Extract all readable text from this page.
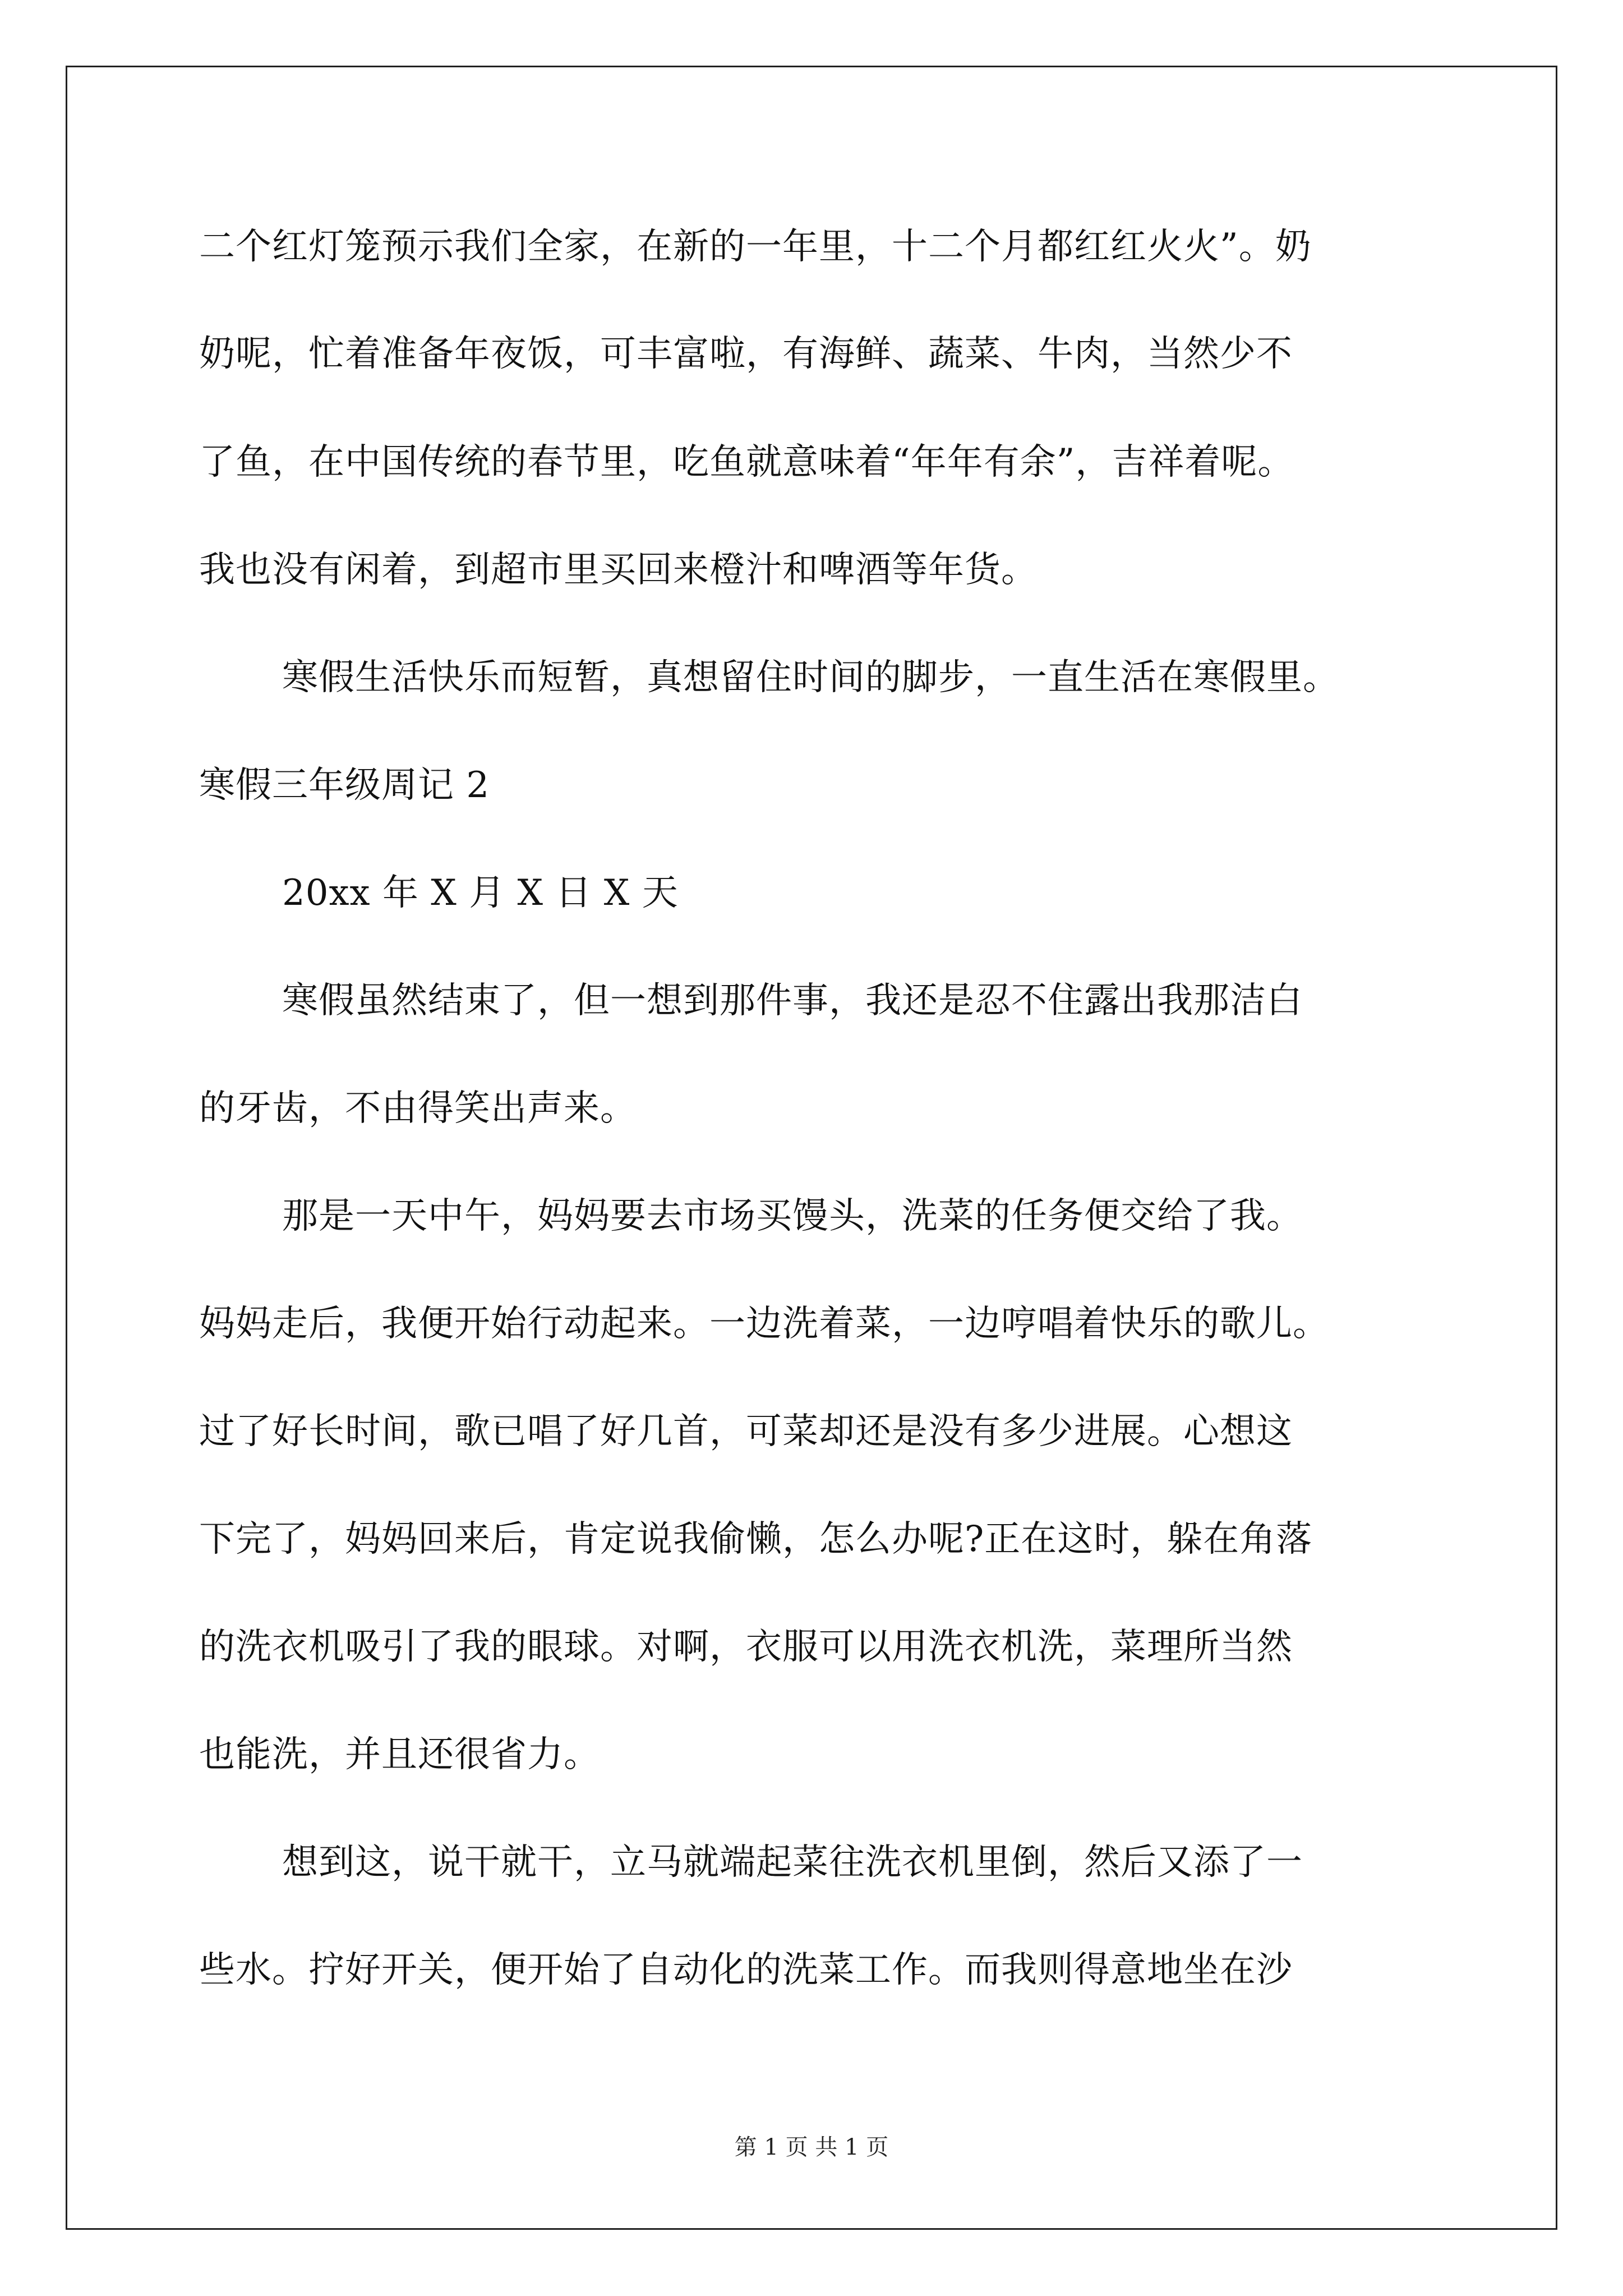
二个红灯笼预示我们全家，在新的一年里，十二个月都红红火火”。奶
奶呢，忙着准备年夜饭，可丰富啦，有海鲜、蔬菜、牛肉，当然少不
了鱼，在中国传统的春节里，吃鱼就意味着“年年有余”，吉祥着呢。
我也没有闲着，到超市里买回来橙汁和啤酒等年货。
寒假生活快乐而短暂，真想留住时间的脚步，一直生活在寒假里。
寒假三年级周记 2
20xx 年 X 月 X 日 X 天
寒假虽然结束了，但一想到那件事，我还是忍不住露出我那洁白
的牙齿，不由得笑出声来。
那是一天中午，妈妈要去市场买馒头，洗菜的任务便交给了我。
妈妈走后，我便开始行动起来。一边洗着菜，一边哼唱着快乐的歌儿。
过了好长时间，歌已唱了好几首，可菜却还是没有多少进展。心想这
下完了，妈妈回来后，肯定说我偷懒，怎么办呢?正在这时，躲在角落
的洗衣机吸引了我的眼球。对啊，衣服可以用洗衣机洗，菜理所当然
也能洗，并且还很省力。
想到这，说干就干，立马就端起菜往洗衣机里倒，然后又添了一
些水。拧好开关，便开始了自动化的洗菜工作。而我则得意地坐在沙
第 1 页 共 1 页
